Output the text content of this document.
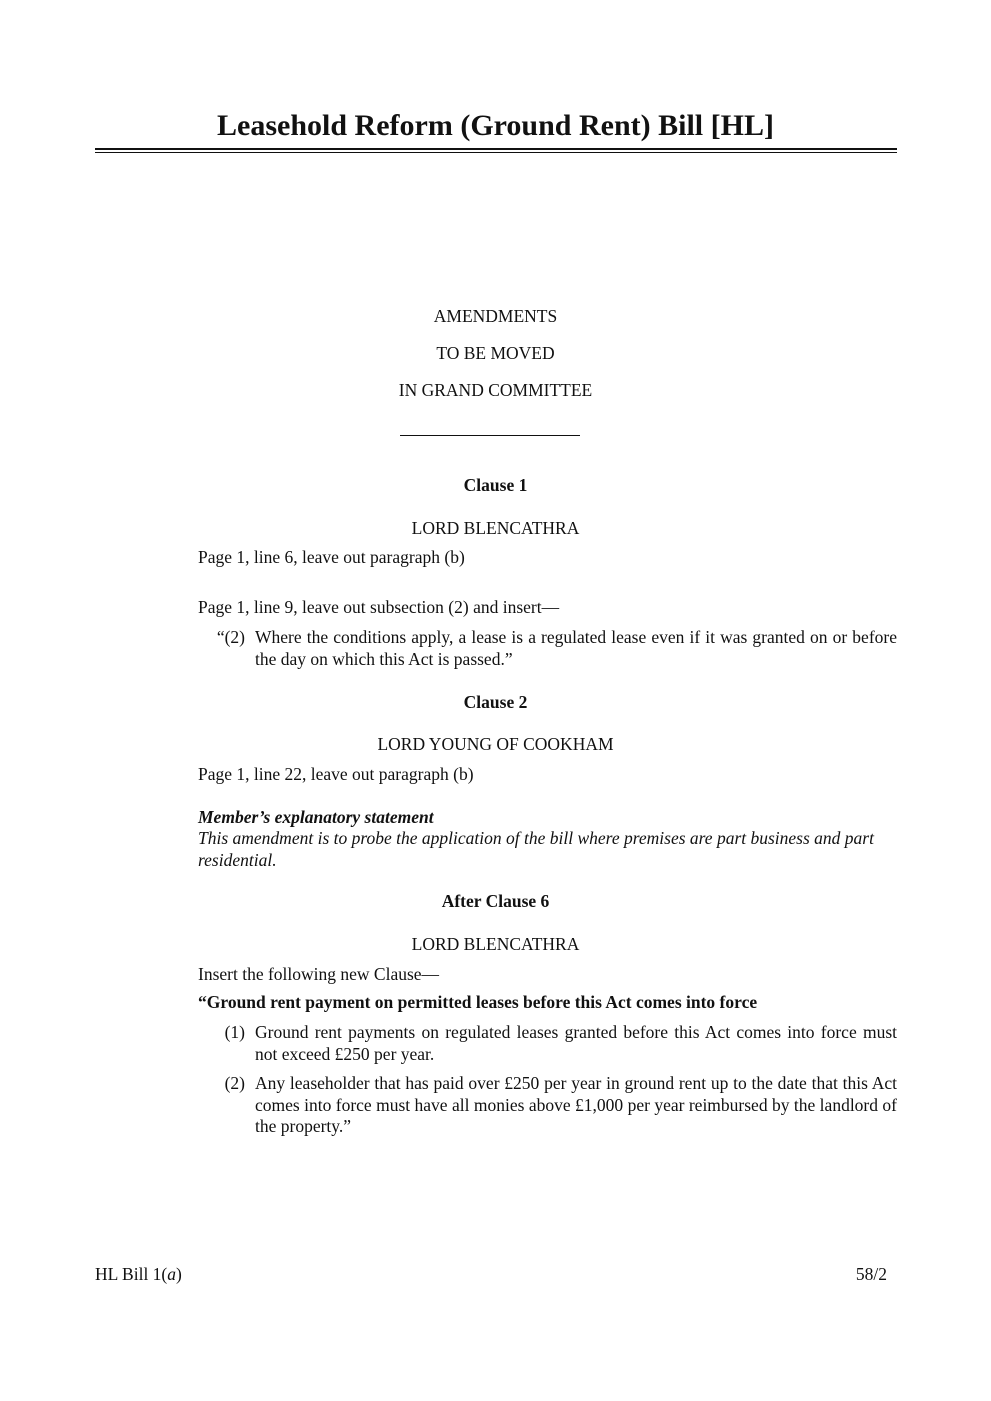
Leasehold Reform (Ground Rent) Bill [HL]
AMENDMENTS
TO BE MOVED
IN GRAND COMMITTEE
Clause 1
LORD BLENCATHRA
Page 1, line 6, leave out paragraph (b)
Page 1, line 9, leave out subsection (2) and insert—
“(2) Where the conditions apply, a lease is a regulated lease even if it was granted on or before the day on which this Act is passed.”
Clause 2
LORD YOUNG OF COOKHAM
Page 1, line 22, leave out paragraph (b)
Member’s explanatory statement
This amendment is to probe the application of the bill where premises are part business and part residential.
After Clause 6
LORD BLENCATHRA
Insert the following new Clause—
“Ground rent payment on permitted leases before this Act comes into force
(1) Ground rent payments on regulated leases granted before this Act comes into force must not exceed £250 per year.
(2) Any leaseholder that has paid over £250 per year in ground rent up to the date that this Act comes into force must have all monies above £1,000 per year reimbursed by the landlord of the property.”
HL Bill 1(a)	58/2
